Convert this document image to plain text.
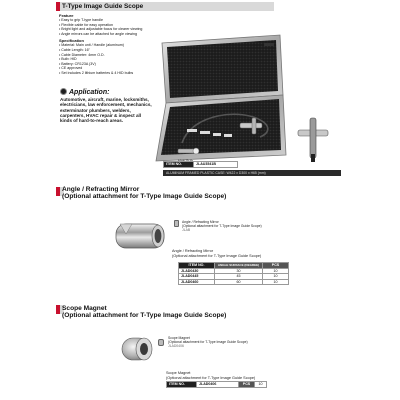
T-Type Image Guide Scope
Feature
• Easy to grip T-type handle
• Flexible cable for easy operation
• Bright light and adjustable focus for clearer viewing
• Angle mirrors can be attached for angle viewing
Specification
• Material: Main unit / Handle (aluminum)
• Cable Length: 16"
• Cable Diameter: 4mm O.D.
• Bulb: HID
• Battery: CR123A (3V)
• CE approved
• Set includes 2 lithium batteries & 4 HID bulbs
Application:
Automotive, aircraft, marine, locksmiths, electricians, law enforcement, mechanics, exterminator plumbers, welders, carpenters, HVAC repair & inspect all kinds of hard-to-reach areas.
ITEM NO.	JLAU3541B
ALUMINUM FRAMED PLASTIC CASE: W422 x D300 x H65 (mm)
Angle / Refracting Mirror
(Optional attachment for T-Type Image Guide Scope)
Angle / Refracting Mirror
(Optional attachment for T-Type Image Guide Scope)
JLAB
Angle / Refracting Mirror
(Optional attachment for T-Type Image Guide Scope)
ITEM NO.	ANGLE SURFACE (DEGREE)	PCS
JLAD0430	30	10
JLAD0445	45	10
JLAD0460	60	10
Scope Magnet
(Optional attachment for T-Type Image Guide Scope)
Scope Magnet
(Optional attachment for T-Type Image Guide Scope)
JLAD0406
Scope Magnet
(Optional attachment for T-Type Image Guide Scope)
ITEM NO.	JLAD0406	PCS	10
